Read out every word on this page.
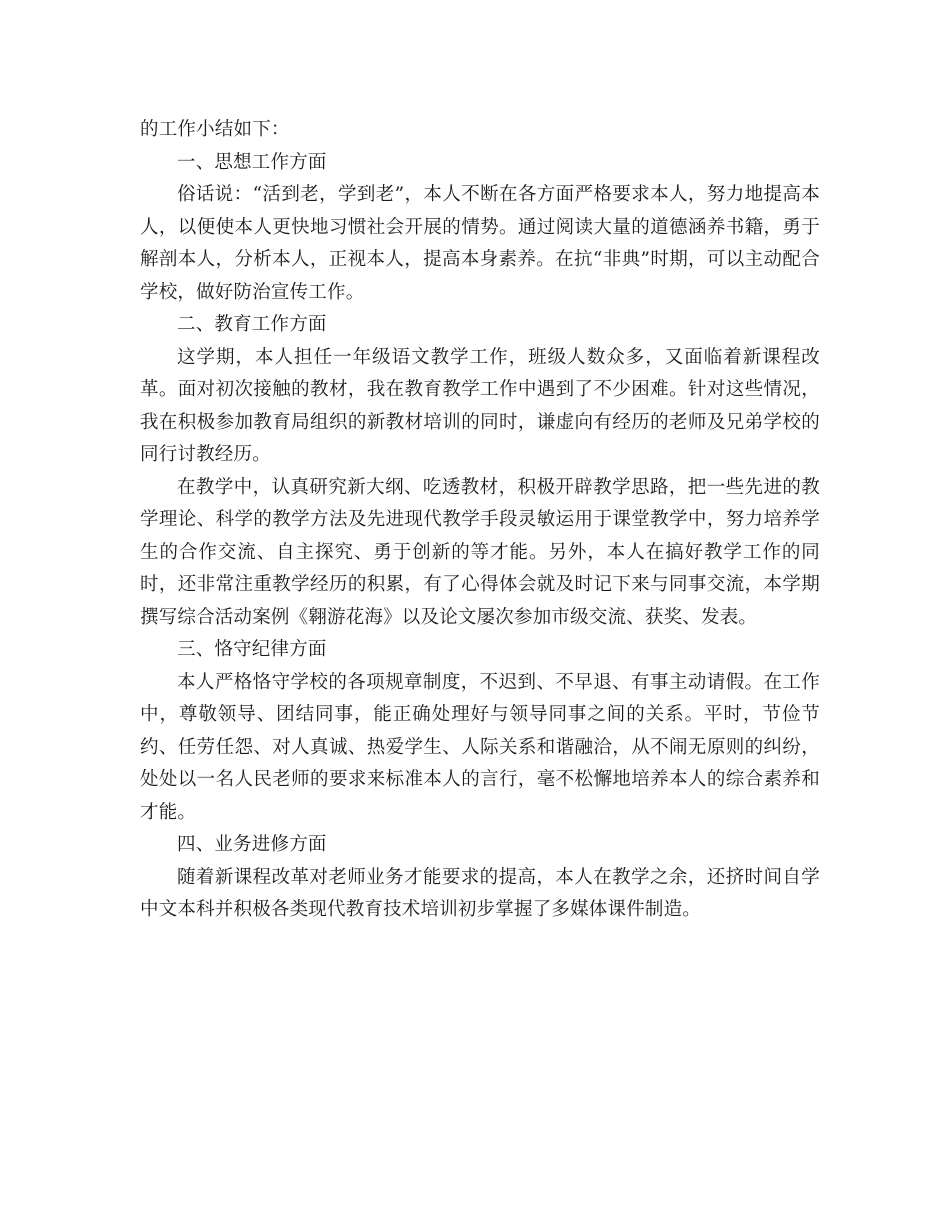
的工作小结如下：

一、思想工作方面

俗话说：“活到老，学到老”，本人不断在各方面严格要求本人，努力地提高本人，以便使本人更快地习惯社会开展的情势。通过阅读大量的道德涵养书籍，勇于解剖本人，分析本人，正视本人，提高本身素养。在抗“非典”时期，可以主动配合学校，做好防治宣传工作。

二、教育工作方面

这学期，本人担任一年级语文教学工作，班级人数众多，又面临着新课程改革。面对初次接触的教材，我在教育教学工作中遇到了不少困难。针对这些情况，我在积极参加教育局组织的新教材培训的同时，谦虚向有经历的老师及兄弟学校的同行讨教经历。

在教学中，认真研究新大纲、吃透教材，积极开辟教学思路，把一些先进的教学理论、科学的教学方法及先进现代教学手段灵敏运用于课堂教学中，努力培养学生的合作交流、自主探究、勇于创新的等才能。另外，本人在搞好教学工作的同时，还非常注重教学经历的积累，有了心得体会就及时记下来与同事交流，本学期撰写综合活动案例《翱游花海》以及论文屡次参加市级交流、获奖、发表。

三、恪守纪律方面

本人严格恪守学校的各项规章制度，不迟到、不早退、有事主动请假。在工作中，尊敬领导、团结同事，能正确处理好与领导同事之间的关系。平时，节俭节约、任劳任怨、对人真诚、热爱学生、人际关系和谐融洽，从不闹无原则的纠纷，处处以一名人民老师的要求来标准本人的言行，毫不松懈地培养本人的综合素养和才能。

四、业务进修方面

随着新课程改革对老师业务才能要求的提高，本人在教学之余，还挤时间自学中文本科并积极各类现代教育技术培训初步掌握了多媒体课件制造。
